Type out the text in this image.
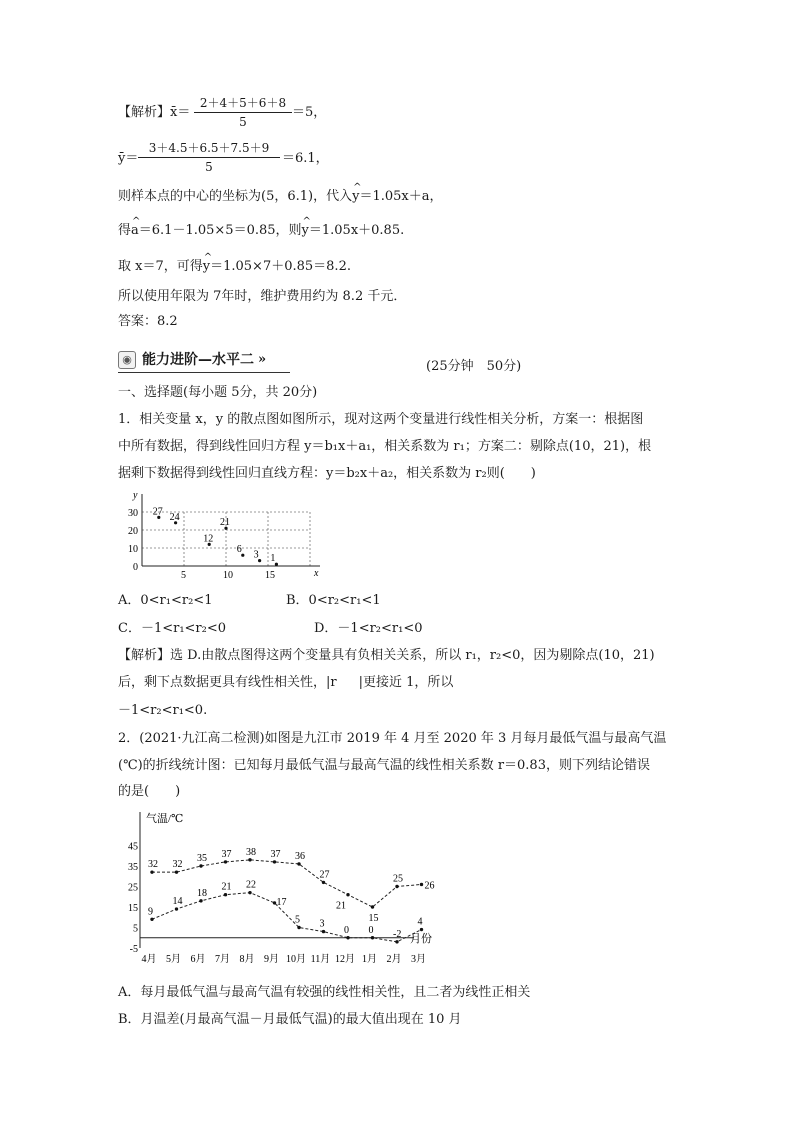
【解析】x̄＝
2＋4＋5＋6＋8
5
＝5，
ȳ＝
3＋4.5＋6.5＋7.5＋9
5
＝6.1，
则样本点的中心的坐标为(5，6.1)，代入^ y＝1.05x＋a，
得^ a＝6.1－1.05×5＝0.85，则^ y＝1.05x＋0.85.
取 x＝7，可得^ y＝1.05×7＋0.85＝8.2.
所以使用年限为 7年时，维护费用约为 8.2 千元．
答案：8.2
◉ 能力进阶—水平二 »	(25分钟　50分)
一、选择题(每小题 5分，共 20分)
1．相关变量 x，y 的散点图如图所示，现对这两个变量进行线性相关分析，方案一：根据图
中所有数据，得到线性回归方程 y＝b₁x＋a₁，相关系数为 r₁；方案二：剔除点(10，21)，根
据剩下数据得到线性回归直线方程：y＝b₂x＋a₂，相关系数为 r₂则(　　)
y
x
0
10
20
30
5	10	15
27 24
12
21
6 3 1
A．0<r₁<r₂<1	B．0<r₂<r₁<1
C．－1<r₁<r₂<0	D．－1<r₂<r₁<0
【解析】选 D.由散点图得这两个变量具有负相关关系，所以 r₁，r₂<0，因为剔除点(10，21)
后，剩下点数据更具有线性相关性，|r |更接近 1，所以
－1<r₂<r₁<0.
2．(2021·九江高二检测)如图是九江市 2019 年 4 月至 2020 年 3 月每月最低气温与最高气温
(℃)的折线统计图：已知每月最低气温与最高气温的线性相关系数 r＝0.83，则下列结论错误
的是(　　)
气温/℃
月份
-5
5
15
25
35
45
4月 5月 6月 7月 8月 9月 10月 11月 12月 1月 2月 3月
32 32
35 37 38 37 36
27
21
15
25
26
9
14
18
21 22
17
5 3
0 0 -2
4
A．每月最低气温与最高气温有较强的线性相关性，且二者为线性正相关
B．月温差(月最高气温－月最低气温)的最大值出现在 10 月
